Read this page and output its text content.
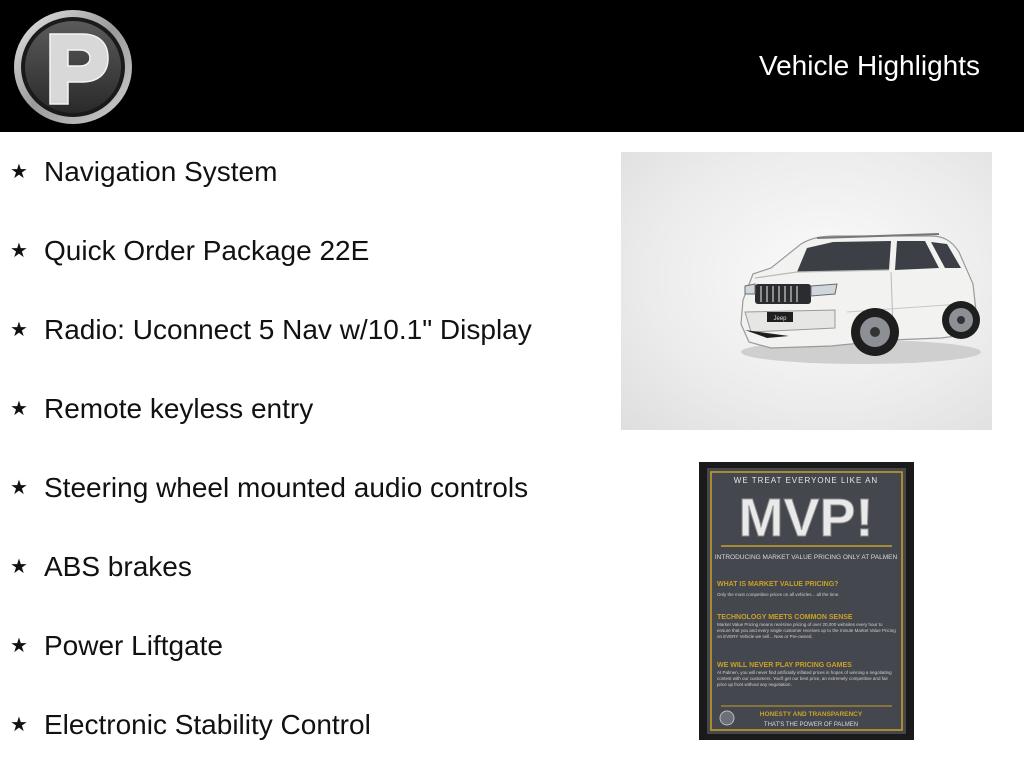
Vehicle Highlights
★ Navigation System
★ Quick Order Package 22E
★ Radio: Uconnect 5 Nav w/10.1" Display
★ Remote keyless entry
★ Steering wheel mounted audio controls
★ ABS brakes
★ Power Liftgate
★ Electronic Stability Control
Jeep
WE TREAT EVERYONE LIKE AN
MVP!
INTRODUCING MARKET VALUE PRICING ONLY AT PALMEN
WHAT IS MARKET VALUE PRICING?
Only the most competitive prices on all vehicles... all the time.
TECHNOLOGY MEETS COMMON SENSE
Market Value Pricing means real-time pricing of over 20,000 websites every hour to ensure that you and every single customer receives up to the minute Market Value Pricing on EVERY Vehicle we sell... New or Pre-owned.
WE WILL NEVER PLAY PRICING GAMES
At Palmen, you will never find artificially inflated prices in hopes of winning a negotiating contest with our customers. You'll get our best price, an extremely competitive and fair price up front without any negotiation.
HONESTY AND TRANSPARENCY
THAT'S THE POWER OF PALMEN
